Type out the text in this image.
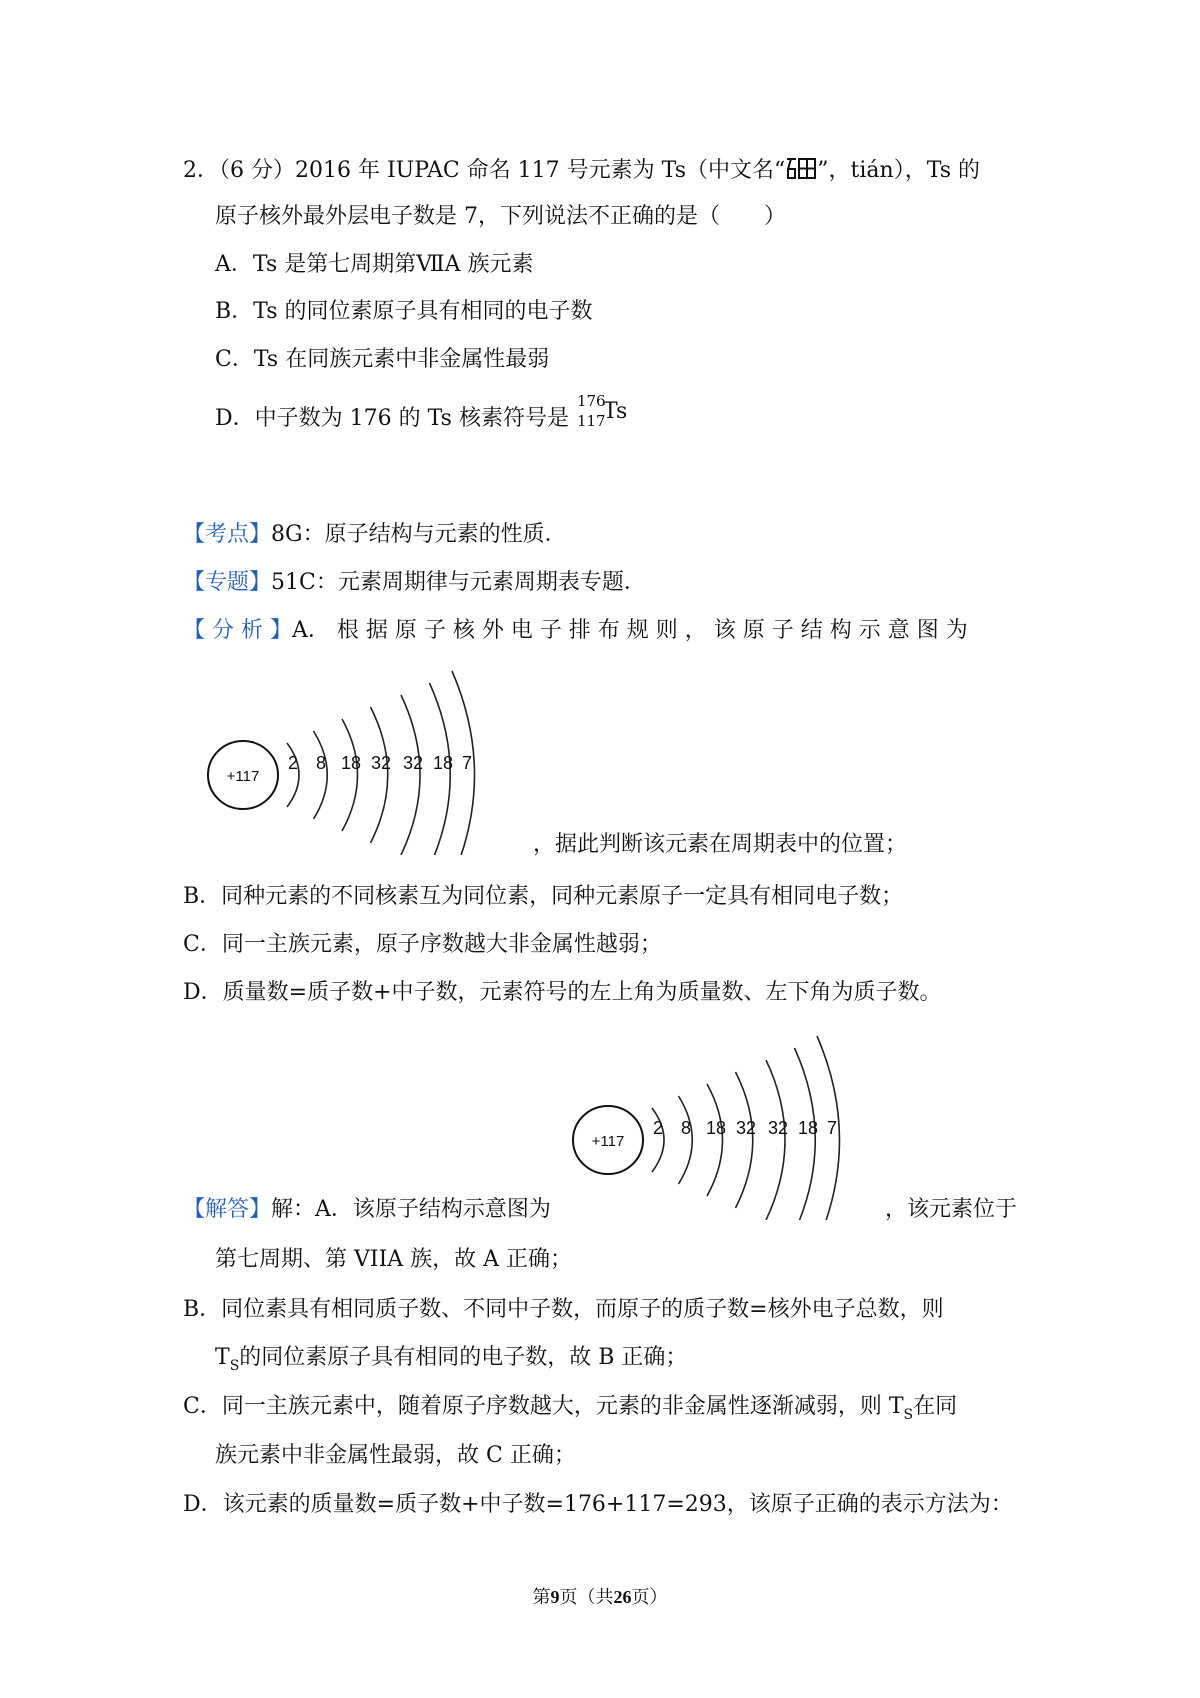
2．（6 分）2016 年 IUPAC 命名 117 号元素为 Ts（中文名“ ”，tián），Ts 的
原子核外最外层电子数是 7，下列说法不正确的是（　　）
A．Ts 是第七周期第ⅦA 族元素
B．Ts 的同位素原子具有相同的电子数
C．Ts 在同族元素中非金属性最弱
D．中子数为 176 的 Ts 核素符号是
176
117
Ts
【考点】8G：原子结构与元素的性质．
【专题】51C：元素周期律与元素周期表专题．
【 分 析 】A． 根 据 原 子 核 外 电 子 排 布 规 则 ， 该 原 子 结 构 示 意 图 为
+117
2 8 18 32 32 18 7
，据此判断该元素在周期表中的位置；
B．同种元素的不同核素互为同位素，同种元素原子一定具有相同电子数；
C．同一主族元素，原子序数越大非金属性越弱；
D．质量数=质子数+中子数，元素符号的左上角为质量数、左下角为质子数。
+117
2 8 18 32 32 18 7
【解答】解：A．该原子结构示意图为	，该元素位于
第七周期、第 VIIA 族，故 A 正确；
B．同位素具有相同质子数、不同中子数，而原子的质子数=核外电子总数，则
$T_S$的同位素原子具有相同的电子数，故 B 正确；
C．同一主族元素中，随着原子序数越大，元素的非金属性逐渐减弱，则 $T_S$在同
族元素中非金属性最弱，故 C 正确；
D．该元素的质量数=质子数+中子数=176+117=293，该原子正确的表示方法为：
第9页（共26页）
